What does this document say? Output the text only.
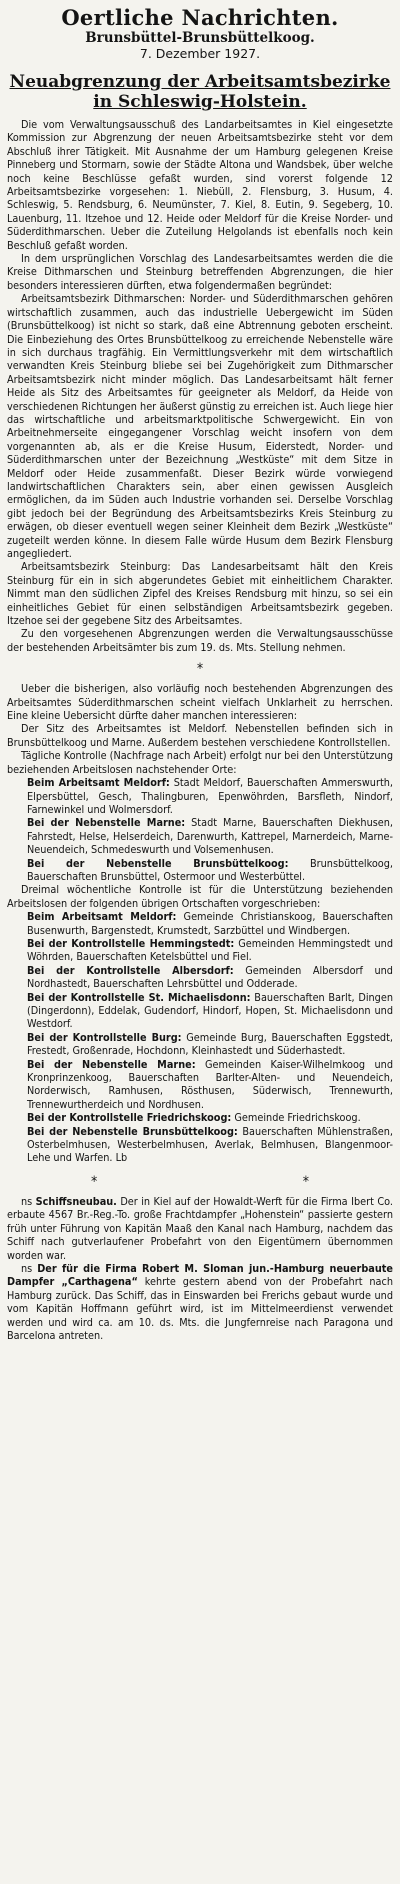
Oertliche Nachrichten.
Brunsbüttel-Brunsbüttelkoog.
7. Dezember 1927.
Neuabgrenzung der Arbeitsamtsbezirke
in Schleswig-Holstein.

Die vom Verwaltungsausschuß des Landarbeitsamtes in Kiel eingesetzte Kommission zur Abgrenzung der neuen Arbeitsamtsbezirke steht vor dem Abschluß ihrer Tätigkeit. Mit Ausnahme der um Hamburg gelegenen Kreise Pinneberg und Stormarn, sowie der Städte Altona und Wandsbek, über welche noch keine Beschlüsse gefaßt wurden, sind vorerst folgende 12 Arbeitsamtsbezirke vorgesehen: 1. Niebüll, 2. Flensburg, 3. Husum, 4. Schleswig, 5. Rendsburg, 6. Neumünster, 7. Kiel, 8. Eutin, 9. Segeberg, 10. Lauenburg, 11. Itzehoe und 12. Heide oder Meldorf für die Kreise Norder- und Süderdithmarschen. Ueber die Zuteilung Helgolands ist ebenfalls noch kein Beschluß gefaßt worden.

In dem ursprünglichen Vorschlag des Landesarbeitsamtes werden die die Kreise Dithmarschen und Steinburg betreffenden Abgrenzungen, die hier besonders interessieren dürften, etwa folgendermaßen begründet:

Arbeitsamtsbezirk Dithmarschen: Norder- und Süderdithmarschen gehören wirtschaftlich zusammen, auch das industrielle Uebergewicht im Süden (Brunsbüttelkoog) ist nicht so stark, daß eine Abtrennung geboten erscheint. Die Einbeziehung des Ortes Brunsbüttelkoog zu erreichende Nebenstelle wäre in sich durchaus tragfähig. Ein Vermittlungsverkehr mit dem wirtschaftlich verwandten Kreis Steinburg bliebe sei bei Zugehörigkeit zum Dithmarscher Arbeitsamtsbezirk nicht minder möglich. Das Landesarbeitsamt hält ferner Heide als Sitz des Arbeitsamtes für geeigneter als Meldorf, da Heide von verschiedenen Richtungen her äußerst günstig zu erreichen ist. Auch liege hier das wirtschaftliche und arbeitsmarktpolitische Schwergewicht. Ein von Arbeitnehmerseite eingegangener Vorschlag weicht insofern von dem vorgenannten ab, als er die Kreise Husum, Eiderstedt, Norder- und Süderdithmarschen unter der Bezeichnung „Westküste“ mit dem Sitze in Meldorf oder Heide zusammenfaßt. Dieser Bezirk würde vorwiegend landwirtschaftlichen Charakters sein, aber einen gewissen Ausgleich ermöglichen, da im Süden auch Industrie vorhanden sei. Derselbe Vorschlag gibt jedoch bei der Begründung des Arbeitsamtsbezirks Kreis Steinburg zu erwägen, ob dieser eventuell wegen seiner Kleinheit dem Bezirk „Westküste“ zugeteilt werden könne. In diesem Falle würde Husum dem Bezirk Flensburg angegliedert.

Arbeitsamtsbezirk Steinburg: Das Landesarbeitsamt hält den Kreis Steinburg für ein in sich abgerundetes Gebiet mit einheitlichem Charakter. Nimmt man den südlichen Zipfel des Kreises Rendsburg mit hinzu, so sei ein einheitliches Gebiet für einen selbständigen Arbeitsamtsbezirk gegeben. Itzehoe sei der gegebene Sitz des Arbeitsamtes.

Zu den vorgesehenen Abgrenzungen werden die Verwaltungsausschüsse der bestehenden Arbeitsämter bis zum 19. ds. Mts. Stellung nehmen.

*

Ueber die bisherigen, also vorläufig noch bestehenden Abgrenzungen des Arbeitsamtes Süderdithmarschen scheint vielfach Unklarheit zu herrschen. Eine kleine Uebersicht dürfte daher manchen interessieren:

Der Sitz des Arbeitsamtes ist Meldorf. Nebenstellen befinden sich in Brunsbüttelkoog und Marne. Außerdem bestehen verschiedene Kontrollstellen.

Tägliche Kontrolle (Nachfrage nach Arbeit) erfolgt nur bei den Unterstützung beziehenden Arbeitslosen nachstehender Orte:

Beim Arbeitsamt Meldorf: Stadt Meldorf, Bauerschaften Ammerswurth, Elpersbüttel, Gesch, Thalingburen, Epenwöhrden, Barsfleth, Nindorf, Farnewinkel und Wolmersdorf.

Bei der Nebenstelle Marne: Stadt Marne, Bauerschaften Diekhusen, Fahrstedt, Helse, Helserdeich, Darenwurth, Kattrepel, Marnerdeich, Marne-Neuendeich, Schmedeswurth und Volsemenhusen.

Bei der Nebenstelle Brunsbüttelkoog: Brunsbüttelkoog, Bauerschaften Brunsbüttel, Ostermoor und Westerbüttel.

Dreimal wöchentliche Kontrolle ist für die Unterstützung beziehenden Arbeitslosen der folgenden übrigen Ortschaften vorgeschrieben:

Beim Arbeitsamt Meldorf: Gemeinde Christianskoog, Bauerschaften Busenwurth, Bargenstedt, Krumstedt, Sarzbüttel und Windbergen.

Bei der Kontrollstelle Hemmingstedt: Gemeinden Hemmingstedt und Wöhrden, Bauerschaften Ketelsbüttel und Fiel.

Bei der Kontrollstelle Albersdorf: Gemeinden Albersdorf und Nordhastedt, Bauerschaften Lehrsbüttel und Odderade.

Bei der Kontrollstelle St. Michaelisdonn: Bauerschaften Barlt, Dingen (Dingerdonn), Eddelak, Gudendorf, Hindorf, Hopen, St. Michaelisdonn und Westdorf.

Bei der Kontrollstelle Burg: Gemeinde Burg, Bauerschaften Eggstedt, Frestedt, Großenrade, Hochdonn, Kleinhastedt und Süderhastedt.

Bei der Nebenstelle Marne: Gemeinden Kaiser-Wilhelmkoog und Kronprinzenkoog, Bauerschaften Barlter-Alten- und Neuendeich, Norderwisch, Ramhusen, Rösthusen, Süderwisch, Trennewurth, Trennewurtherdeich und Nordhusen.

Bei der Kontrollstelle Friedrichskoog: Gemeinde Friedrichskoog.

Bei der Nebenstelle Brunsbüttelkoog: Bauerschaften Mühlenstraßen, Osterbelmhusen, Westerbelmhusen, Averlak, Belmhusen, Blangenmoor-Lehe und Warfen. Lb

*	*

ns Schiffsneubau. Der in Kiel auf der Howaldt-Werft für die Firma Ibert Co. erbaute 4567 Br.-Reg.-To. große Frachtdampfer „Hohenstein“ passierte gestern früh unter Führung von Kapitän Maaß den Kanal nach Hamburg, nachdem das Schiff nach gutverlaufener Probefahrt von den Eigentümern übernommen worden war.

ns Der für die Firma Robert M. Sloman jun.-Hamburg neuerbaute Dampfer „Carthagena“ kehrte gestern abend von der Probefahrt nach Hamburg zurück. Das Schiff, das in Einswarden bei Frerichs gebaut wurde und vom Kapitän Hoffmann geführt wird, ist im Mittelmeerdienst verwendet werden und wird ca. am 10. ds. Mts. die Jungfernreise nach Paragona und Barcelona antreten.
